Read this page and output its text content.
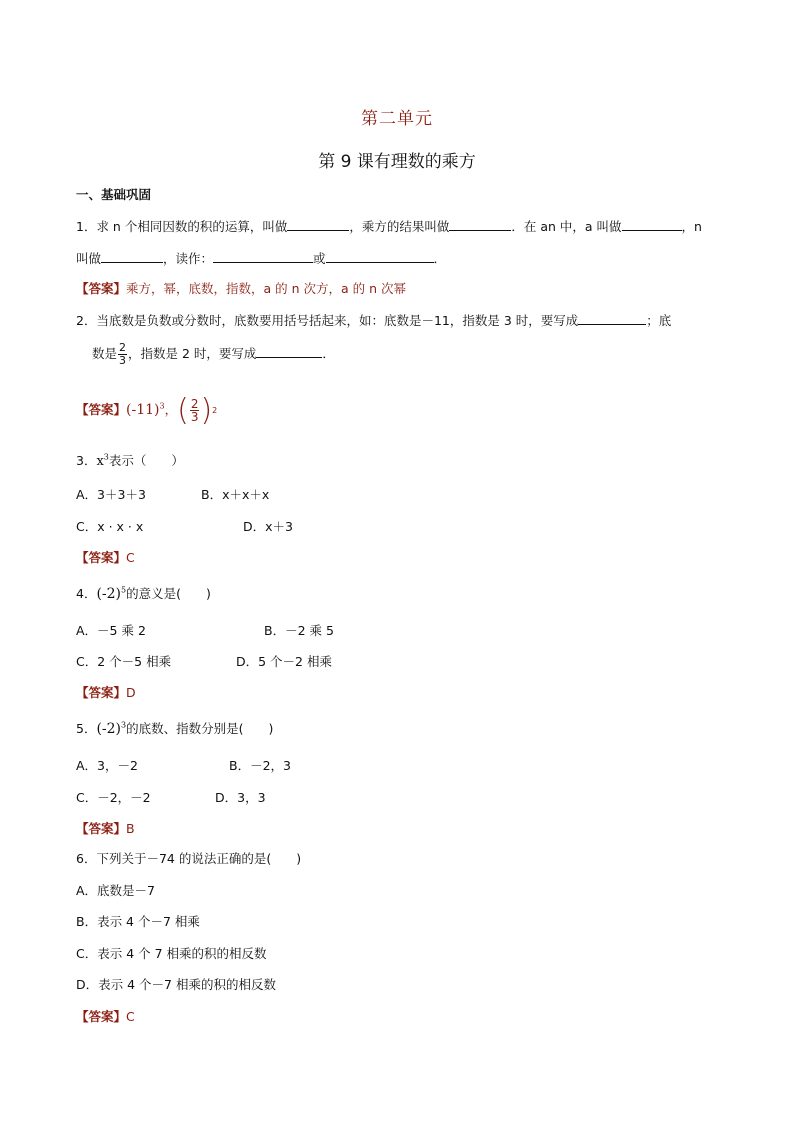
第二单元
第 9 课有理数的乘方
一、基础巩固
1．求 n 个相同因数的积的运算，叫做	，乘方的结果叫做	．在 an 中，a 叫做	，n
叫做	，读作：	或	．
【答案】乘方，幂，底数，指数，a 的 n 次方，a 的 n 次幂
2．当底数是负数或分数时，底数要用括号括起来，如：底数是－11，指数是 3 时，要写成	；底
数是 $\frac{2}{3}$ ，指数是 2 时，要写成	．
【答案】$(-11)^3$， ( $\frac{2}{3}$ ) 2
3．$x^3$表示（　　）
A．3＋3＋3	B．x＋x＋x
C．x · x · x	D．x＋3
【答案】C
4．$(-2)^5$的意义是(　　)
A．－5 乘 2	B．－2 乘 5
C．2 个－5 相乘	D．5 个－2 相乘
【答案】D
5．$(-2)^3$的底数、指数分别是(　　)
A．3，－2	B．－2，3
C．－2，－2	D．3，3
【答案】B
6．下列关于－74 的说法正确的是(　　)
A．底数是－7
B．表示 4 个－7 相乘
C．表示 4 个 7 相乘的积的相反数
D．表示 4 个－7 相乘的积的相反数
【答案】C
